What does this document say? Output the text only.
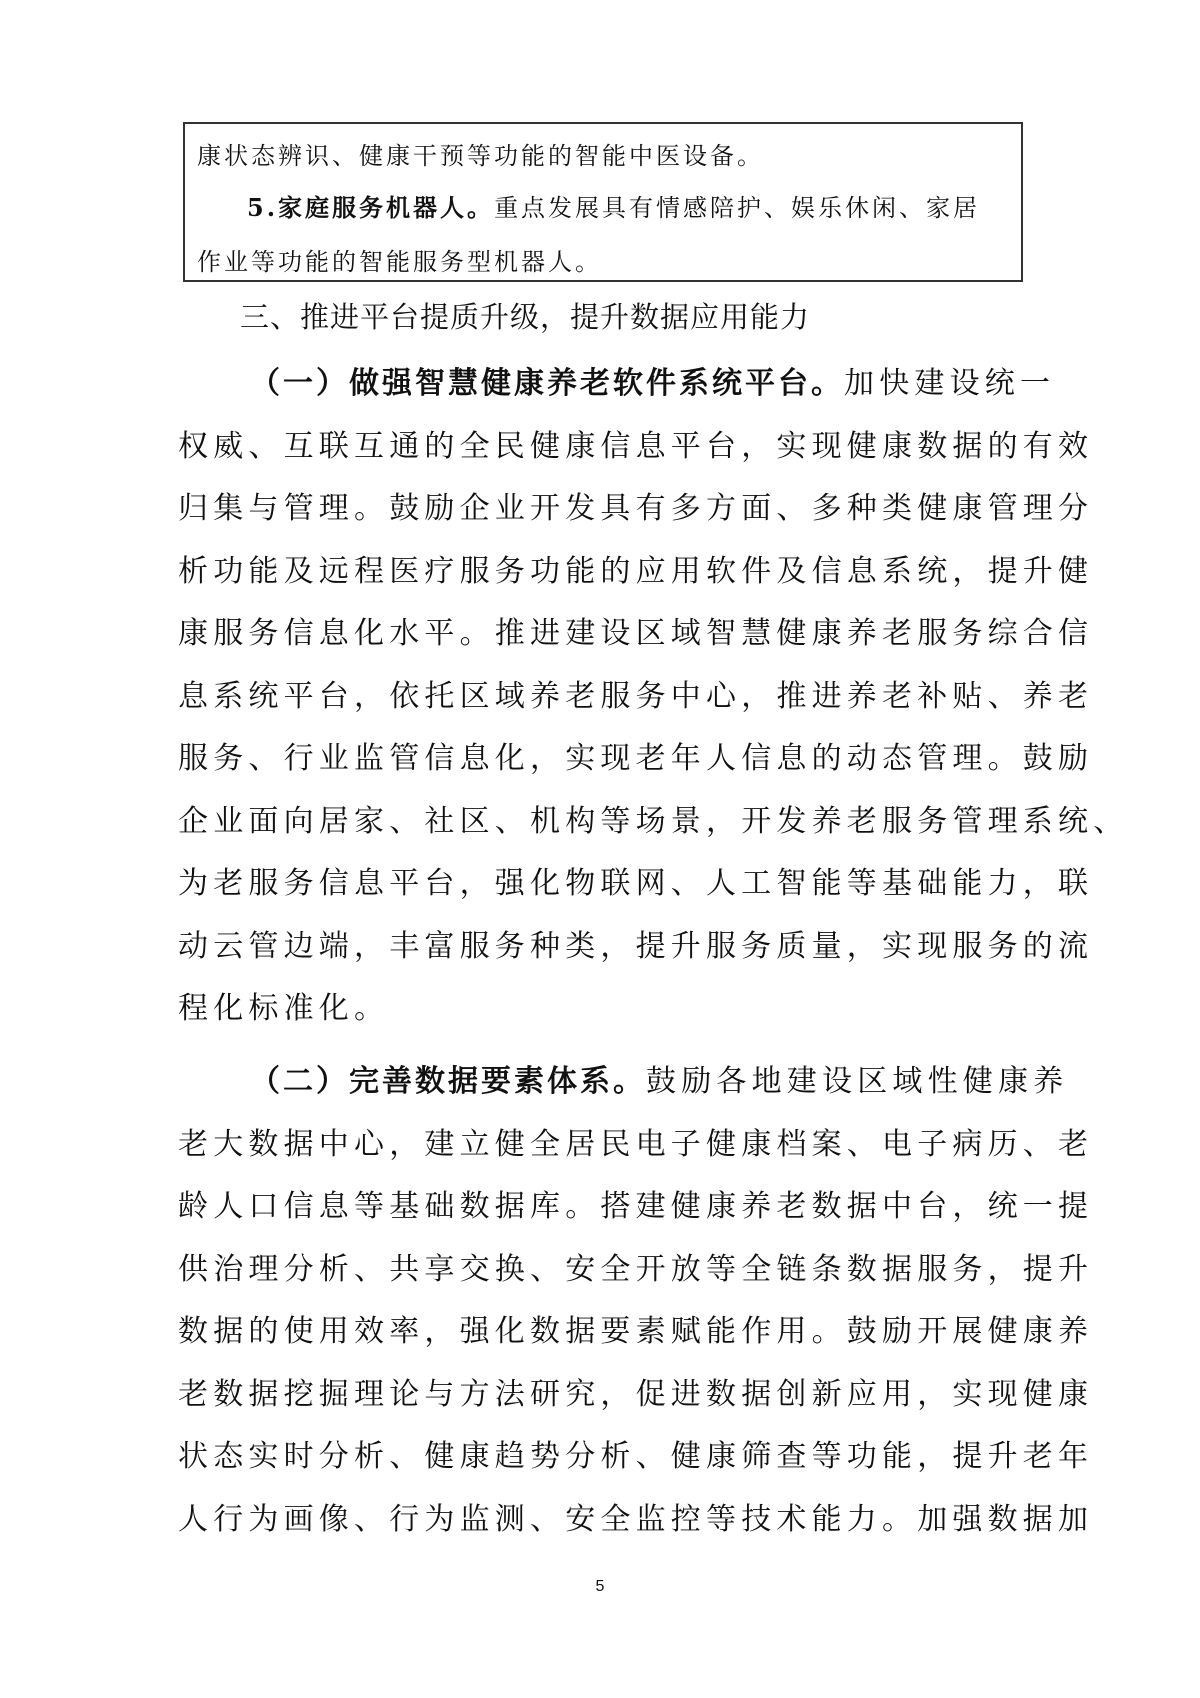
康状态辨识、健康干预等功能的智能中医设备。
5.家庭服务机器人。重点发展具有情感陪护、娱乐休闲、家居
作业等功能的智能服务型机器人。
三、推进平台提质升级，提升数据应用能力
（一）做强智慧健康养老软件系统平台。加快建设统一
权威、互联互通的全民健康信息平台，实现健康数据的有效
归集与管理。鼓励企业开发具有多方面、多种类健康管理分
析功能及远程医疗服务功能的应用软件及信息系统，提升健
康服务信息化水平。推进建设区域智慧健康养老服务综合信
息系统平台，依托区域养老服务中心，推进养老补贴、养老
服务、行业监管信息化，实现老年人信息的动态管理。鼓励
企业面向居家、社区、机构等场景，开发养老服务管理系统、
为老服务信息平台，强化物联网、人工智能等基础能力，联
动云管边端，丰富服务种类，提升服务质量，实现服务的流
程化标准化。
（二）完善数据要素体系。鼓励各地建设区域性健康养
老大数据中心，建立健全居民电子健康档案、电子病历、老
龄人口信息等基础数据库。搭建健康养老数据中台，统一提
供治理分析、共享交换、安全开放等全链条数据服务，提升
数据的使用效率，强化数据要素赋能作用。鼓励开展健康养
老数据挖掘理论与方法研究，促进数据创新应用，实现健康
状态实时分析、健康趋势分析、健康筛查等功能，提升老年
人行为画像、行为监测、安全监控等技术能力。加强数据加
5
